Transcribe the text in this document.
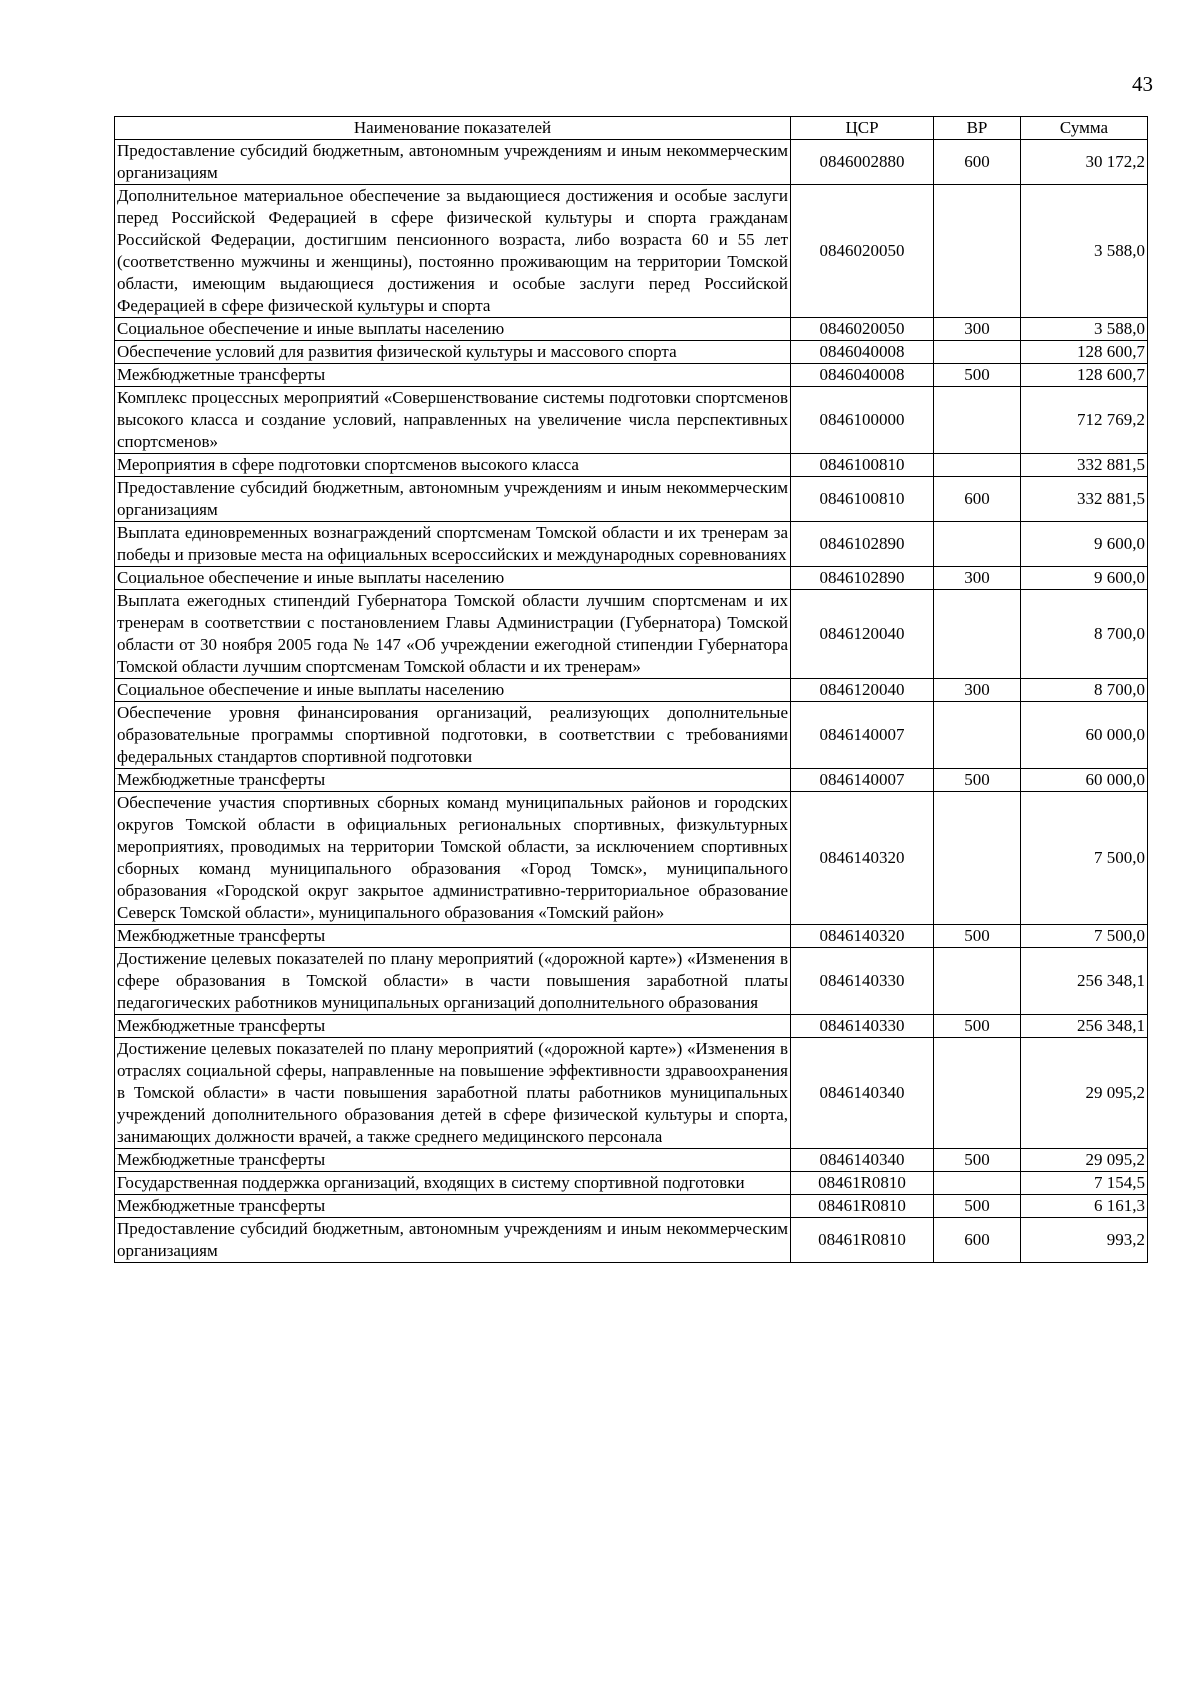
43
Наименование показателей	ЦСР	ВР	Сумма
Предоставление субсидий бюджетным, автономным учреждениям и иным некоммерческим организациям	0846002880	600	30 172,2
Дополнительное материальное обеспечение за выдающиеся достижения и особые заслуги перед Российской Федерацией в сфере физической культуры и спорта гражданам Российской Федерации, достигшим пенсионного возраста, либо возраста 60 и 55 лет (соответственно мужчины и женщины), постоянно проживающим на территории Томской области, имеющим выдающиеся достижения и особые заслуги перед Российской Федерацией в сфере физической культуры и спорта	0846020050		3 588,0
Социальное обеспечение и иные выплаты населению	0846020050	300	3 588,0
Обеспечение условий для развития физической культуры и массового спорта	0846040008		128 600,7
Межбюджетные трансферты	0846040008	500	128 600,7
Комплекс процессных мероприятий «Совершенствование системы подготовки спортсменов высокого класса и создание условий, направленных на увеличение числа перспективных спортсменов»	0846100000		712 769,2
Мероприятия в сфере подготовки спортсменов высокого класса	0846100810		332 881,5
Предоставление субсидий бюджетным, автономным учреждениям и иным некоммерческим организациям	0846100810	600	332 881,5
Выплата единовременных вознаграждений спортсменам Томской области и их тренерам за победы и призовые места на официальных всероссийских и международных соревнованиях	0846102890		9 600,0
Социальное обеспечение и иные выплаты населению	0846102890	300	9 600,0
Выплата ежегодных стипендий Губернатора Томской области лучшим спортсменам и их тренерам в соответствии с постановлением Главы Администрации (Губернатора) Томской области от 30 ноября 2005 года № 147 «Об учреждении ежегодной стипендии Губернатора Томской области лучшим спортсменам Томской области и их тренерам»	0846120040		8 700,0
Социальное обеспечение и иные выплаты населению	0846120040	300	8 700,0
Обеспечение уровня финансирования организаций, реализующих дополнительные образовательные программы спортивной подготовки, в соответствии с требованиями федеральных стандартов спортивной подготовки	0846140007		60 000,0
Межбюджетные трансферты	0846140007	500	60 000,0
Обеспечение участия спортивных сборных команд муниципальных районов и городских округов Томской области в официальных региональных спортивных, физкультурных мероприятиях, проводимых на территории Томской области, за исключением спортивных сборных команд муниципального образования «Город Томск», муниципального образования «Городской округ закрытое административно-территориальное образование Северск Томской области», муниципального образования «Томский район»	0846140320		7 500,0
Межбюджетные трансферты	0846140320	500	7 500,0
Достижение целевых показателей по плану мероприятий («дорожной карте») «Изменения в сфере образования в Томской области» в части повышения заработной платы педагогических работников муниципальных организаций дополнительного образования	0846140330		256 348,1
Межбюджетные трансферты	0846140330	500	256 348,1
Достижение целевых показателей по плану мероприятий («дорожной карте») «Изменения в отраслях социальной сферы, направленные на повышение эффективности здравоохранения в Томской области» в части повышения заработной платы работников муниципальных учреждений дополнительного образования детей в сфере физической культуры и спорта, занимающих должности врачей, а также среднего медицинского персонала	0846140340		29 095,2
Межбюджетные трансферты	0846140340	500	29 095,2
Государственная поддержка организаций, входящих в систему спортивной подготовки	08461R0810		7 154,5
Межбюджетные трансферты	08461R0810	500	6 161,3
Предоставление субсидий бюджетным, автономным учреждениям и иным некоммерческим организациям	08461R0810	600	993,2
